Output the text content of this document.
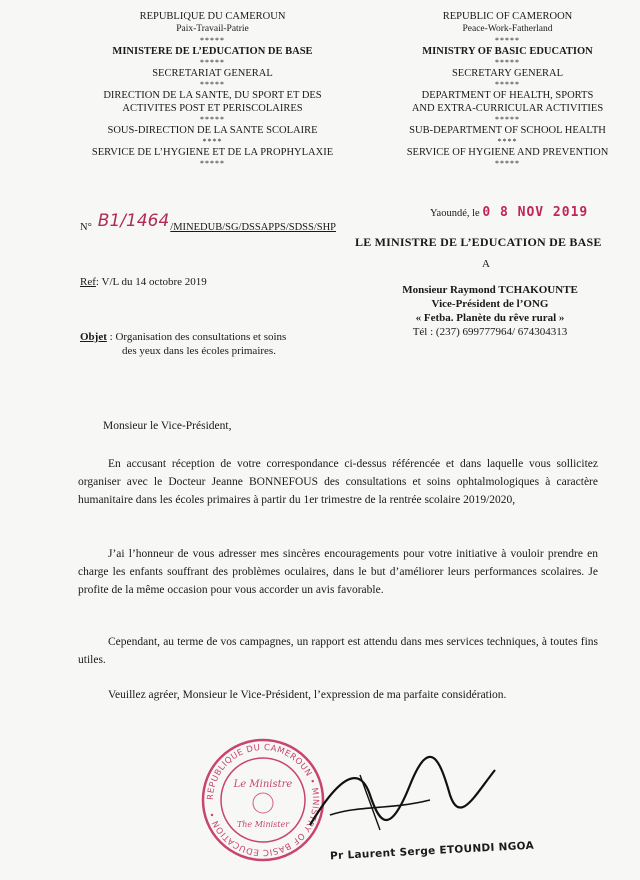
REPUBLIQUE DU CAMEROUN
Paix-Travail-Patrie
*****
MINISTERE DE L’EDUCATION DE BASE
*****
SECRETARIAT GENERAL
*****
DIRECTION DE LA SANTE, DU SPORT ET DES
ACTIVITES POST ET PERISCOLAIRES
*****
SOUS-DIRECTION DE LA SANTE SCOLAIRE
****
SERVICE DE L’HYGIENE ET DE LA PROPHYLAXIE
*****
REPUBLIC OF CAMEROON
Peace-Work-Fatherland
*****
MINISTRY OF BASIC EDUCATION
*****
SECRETARY GENERAL
*****
DEPARTMENT OF HEALTH, SPORTS
AND EXTRA-CURRICULAR ACTIVITIES
*****
SUB-DEPARTMENT OF SCHOOL HEALTH
****
SERVICE OF HYGIENE AND PREVENTION
*****
N° B1/1464/MINEDUB/SG/DSSAPPS/SDSS/SHP
Yaoundé, le 0 8 NOV 2019
LE MINISTRE DE L’EDUCATION DE BASE
A
Monsieur Raymond TCHAKOUNTE
Vice-Président de l’ONG
« Fetba. Planète du rêve rural »
Tél : (237) 699777964/ 674304313
Ref: V/L du 14 octobre 2019
Objet : Organisation des consultations et soins
des yeux dans les écoles primaires.
Monsieur le Vice-Président,
En accusant réception de votre correspondance ci-dessus référencée et dans laquelle vous sollicitez organiser avec le Docteur Jeanne BONNEFOUS des consultations et soins ophtalmologiques à caractère humanitaire dans les écoles primaires à partir du 1er trimestre de la rentrée scolaire 2019/2020,
J’ai l’honneur de vous adresser mes sincères encouragements pour votre initiative à vouloir prendre en charge les enfants souffrant des problèmes oculaires, dans le but d’améliorer leurs performances scolaires. Je profite de la même occasion pour vous accorder un avis favorable.
Cependant, au terme de vos campagnes, un rapport est attendu dans mes services techniques, à toutes fins utiles.
Veuillez agréer, Monsieur le Vice-Président, l’expression de ma parfaite considération.
REPUBLIQUE DU CAMEROUN • MINISTRY OF BASIC EDUCATION •
Le Ministre
The Minister
Pr Laurent Serge ETOUNDI NGOA
